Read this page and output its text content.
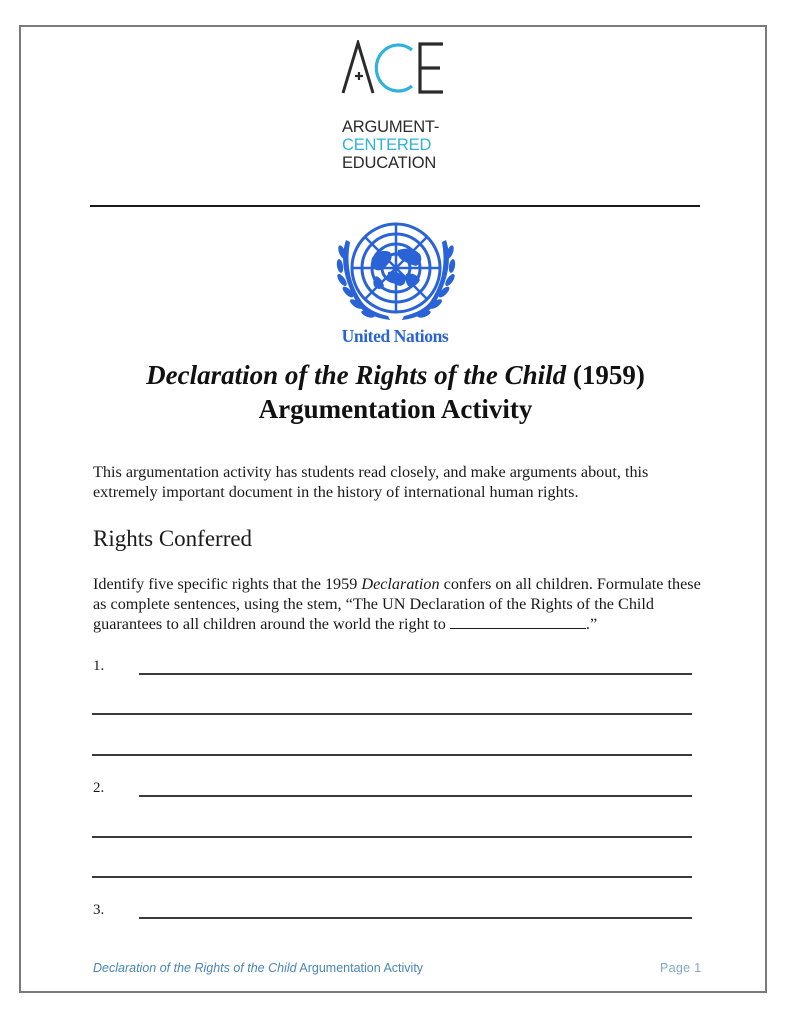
ARGUMENT-
CENTERED
EDUCATION
United Nations
Declaration of the Rights of the Child (1959)
Argumentation Activity
This argumentation activity has students read closely, and make arguments about, this extremely important document in the history of international human rights.
Rights Conferred
Identify five specific rights that the 1959 Declaration confers on all children. Formulate these as complete sentences, using the stem, “The UN Declaration of the Rights of the Child guarantees to all children around the world the right to	.”
1.
2.
3.
Declaration of the Rights of the Child Argumentation Activity	Page 1
